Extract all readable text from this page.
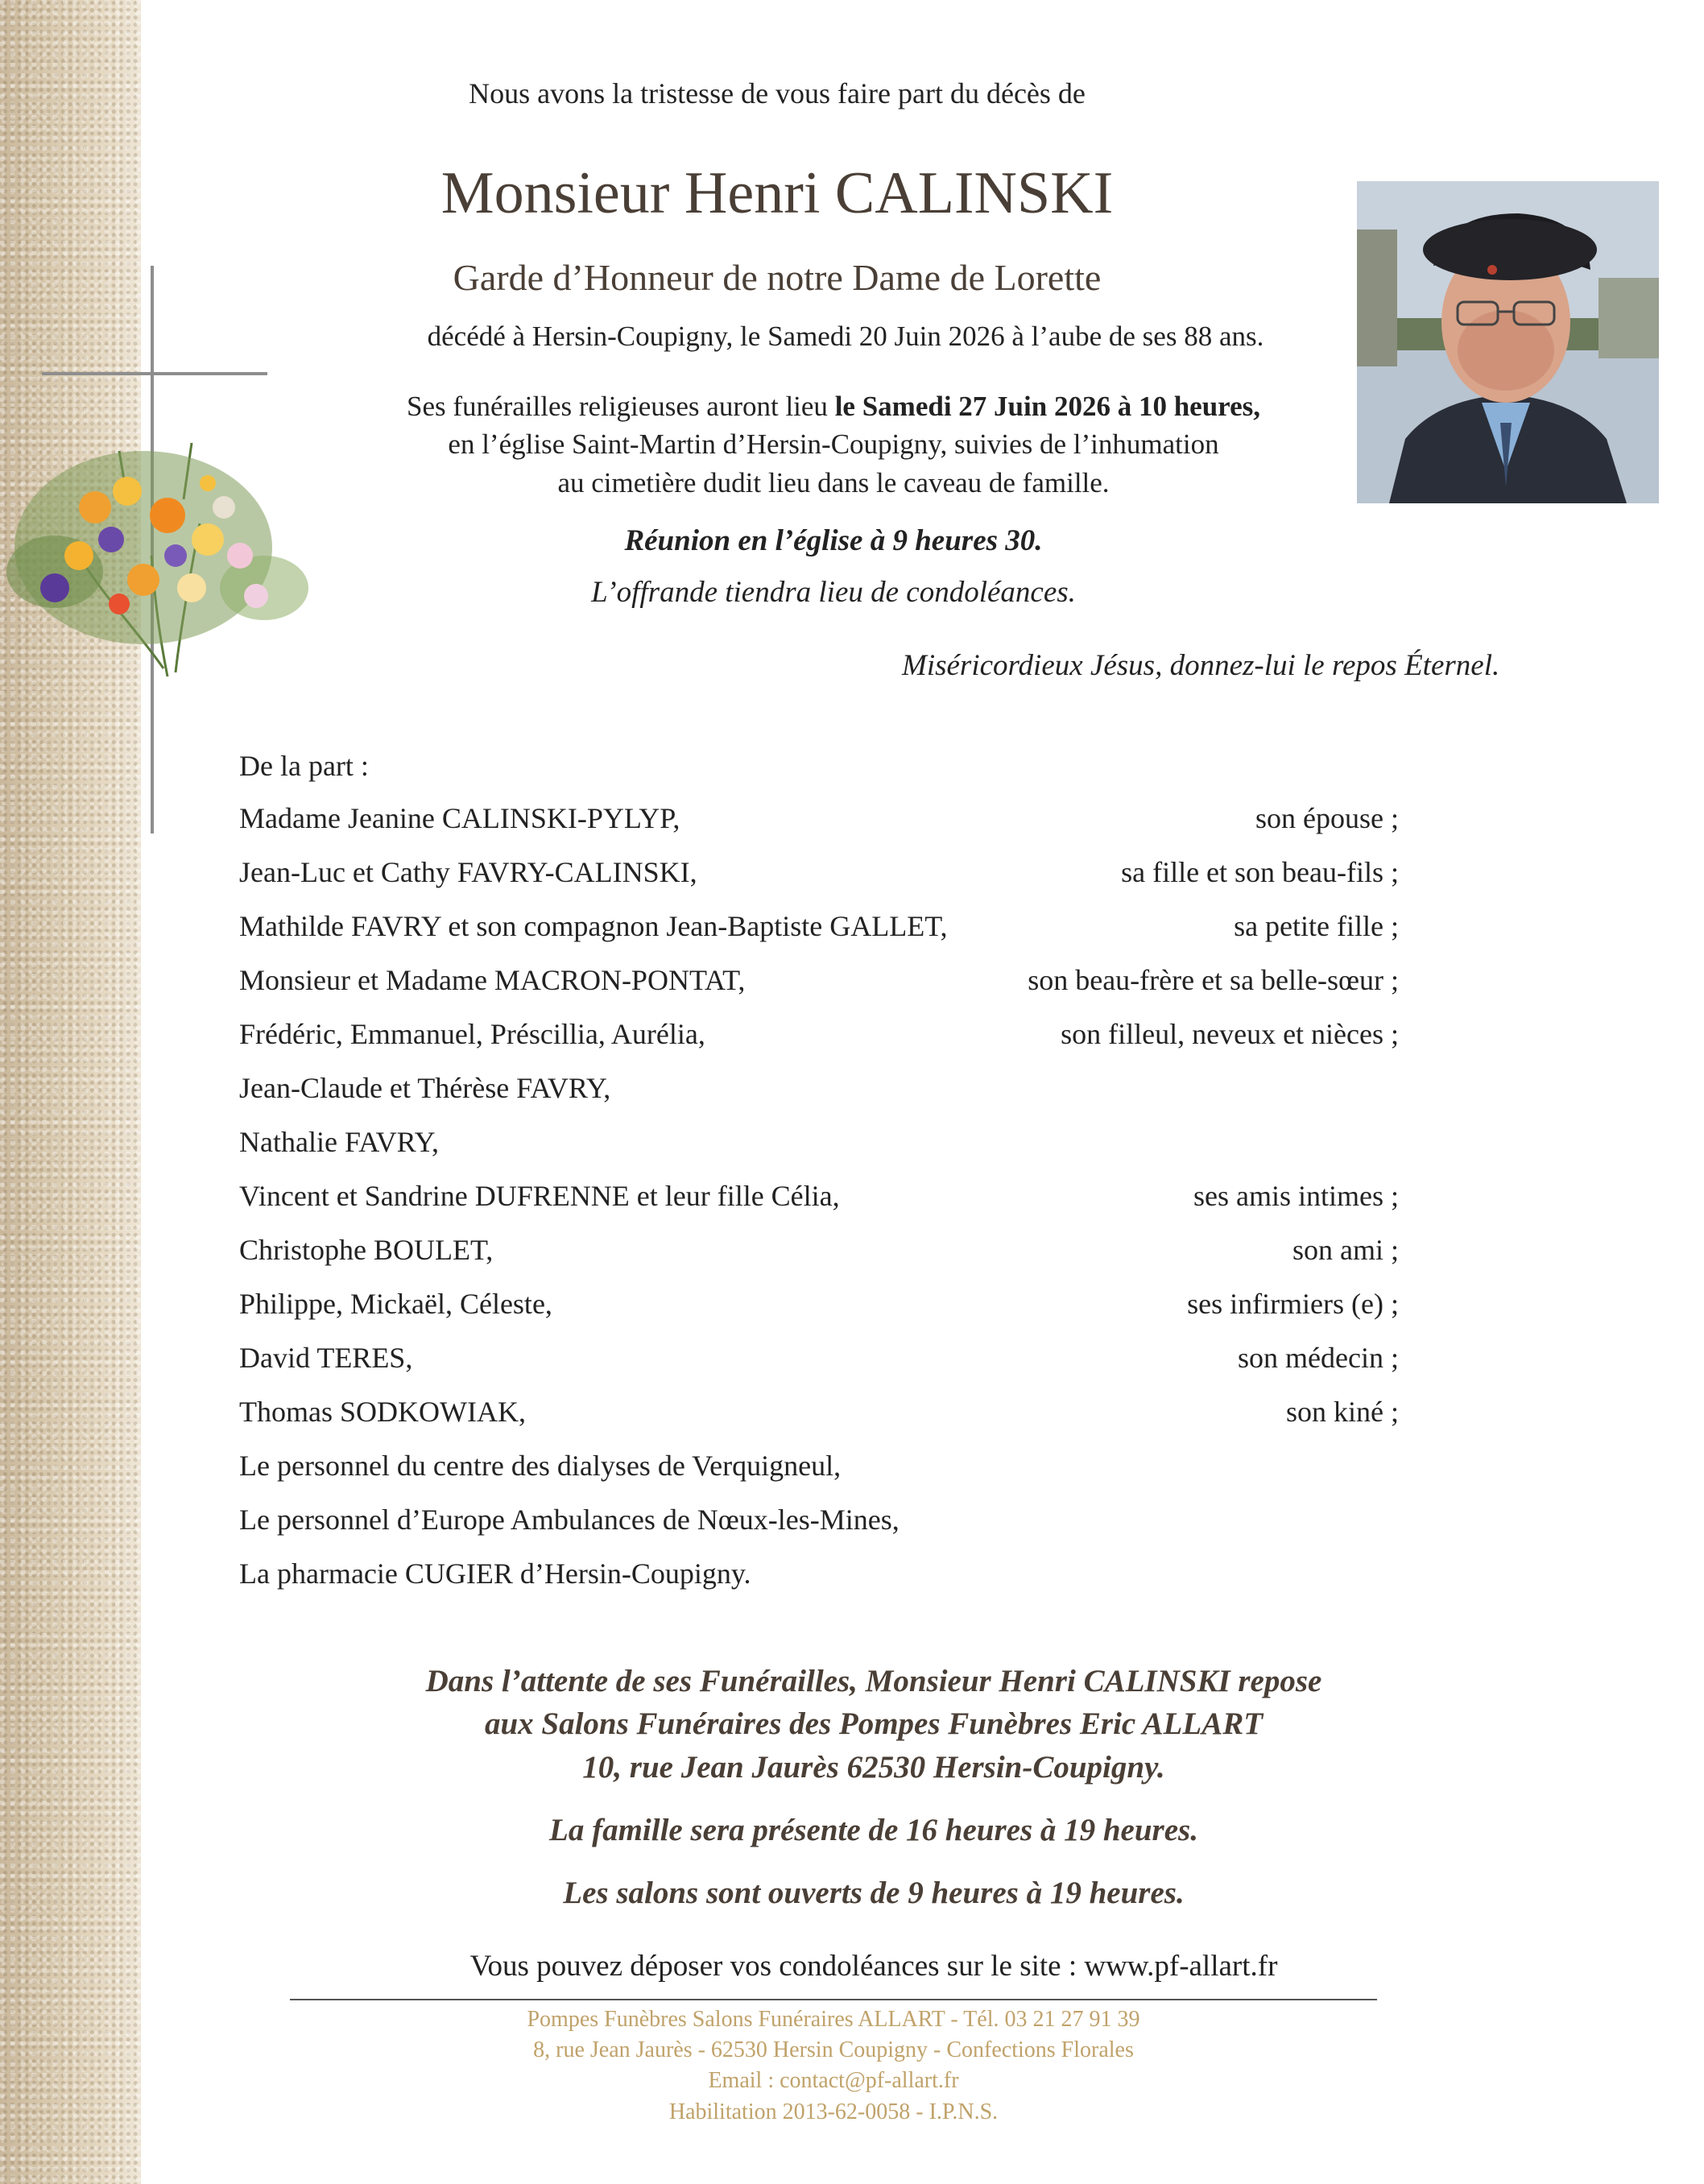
Nous avons la tristesse de vous faire part du décès de
Monsieur Henri CALINSKI
Garde d’Honneur de notre Dame de Lorette
décédé à Hersin-Coupigny, le Samedi 20 Juin 2026 à l’aube de ses 88 ans.
Ses funérailles religieuses auront lieu le Samedi 27 Juin 2026 à 10 heures,
en l’église Saint-Martin d’Hersin-Coupigny, suivies de l’inhumation
au cimetière dudit lieu dans le caveau de famille.
Réunion en l’église à 9 heures 30.
L’offrande tiendra lieu de condoléances.
Miséricordieux Jésus, donnez-lui le repos Éternel.
De la part :
Madame Jeanine CALINSKI-PYLYP,	son épouse ;
Jean-Luc et Cathy FAVRY-CALINSKI,	sa fille et son beau-fils ;
Mathilde FAVRY et son compagnon Jean-Baptiste GALLET,	sa petite fille ;
Monsieur et Madame MACRON-PONTAT,	son beau-frère et sa belle-sœur ;
Frédéric, Emmanuel, Préscillia, Aurélia,	son filleul, neveux et nièces ;
Jean-Claude et Thérèse FAVRY,
Nathalie FAVRY,
Vincent et Sandrine DUFRENNE et leur fille Célia,	ses amis intimes ;
Christophe BOULET,	son ami ;
Philippe, Mickaël, Céleste,	ses infirmiers (e) ;
David TERES,	son médecin ;
Thomas SODKOWIAK,	son kiné ;
Le personnel du centre des dialyses de Verquigneul,
Le personnel d’Europe Ambulances de Nœux-les-Mines,
La pharmacie CUGIER d’Hersin-Coupigny.
Dans l’attente de ses Funérailles, Monsieur Henri CALINSKI repose
aux Salons Funéraires des Pompes Funèbres Eric ALLART
10, rue Jean Jaurès 62530 Hersin-Coupigny.
La famille sera présente de 16 heures à 19 heures.
Les salons sont ouverts de 9 heures à 19 heures.
Vous pouvez déposer vos condoléances sur le site : www.pf-allart.fr
Pompes Funèbres Salons Funéraires ALLART - Tél. 03 21 27 91 39
8, rue Jean Jaurès - 62530 Hersin Coupigny - Confections Florales
Email : contact@pf-allart.fr
Habilitation 2013-62-0058 - I.P.N.S.
